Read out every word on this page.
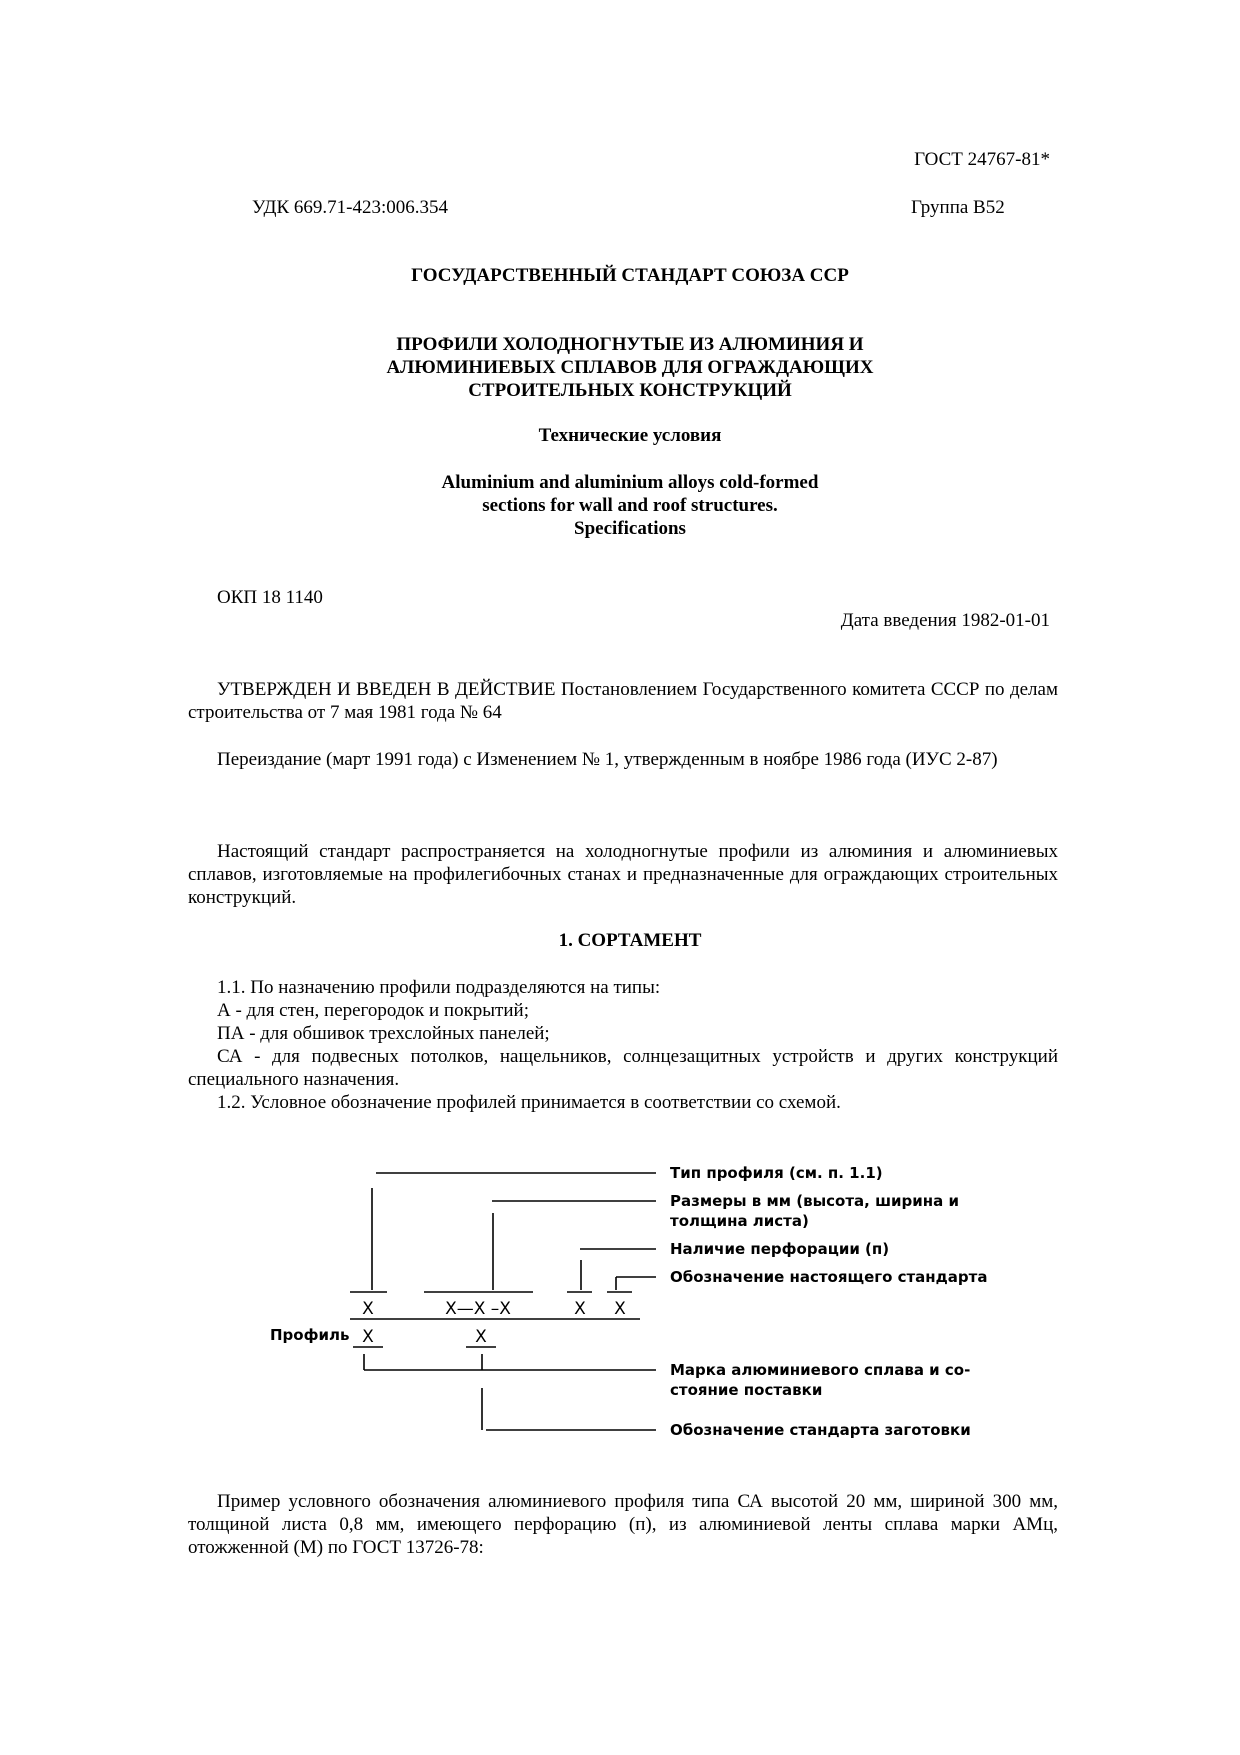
ГОСТ 24767-81*

УДК 669.71-423:006.354	Группа В52

ГОСУДАРСТВЕННЫЙ СТАНДАРТ СОЮЗА ССР

ПРОФИЛИ ХОЛОДНОГНУТЫЕ ИЗ АЛЮМИНИЯ И
АЛЮМИНИЕВЫХ СПЛАВОВ ДЛЯ ОГРАЖДАЮЩИХ
СТРОИТЕЛЬНЫХ КОНСТРУКЦИЙ

Технические условия

Aluminium and aluminium alloys cold-formed
sections for wall and roof structures.
Specifications

ОКП 18 1140

Дата введения 1982-01-01

УТВЕРЖДЕН И ВВЕДЕН В ДЕЙСТВИЕ Постановлением Государственного комитета СССР по делам строительства от 7 мая 1981 года № 64

Переиздание (март 1991 года) с Изменением № 1, утвержденным в ноябре 1986 года (ИУС 2-87)

Настоящий стандарт распространяется на холодногнутые профили из алюминия и алюминиевых сплавов, изготовляемые на профилегибочных станах и предназначенные для ограждающих строительных конструкций.

1. СОРТАМЕНТ

1.1. По назначению профили подразделяются на типы:

А - для стен, перегородок и покрытий;

ПА - для обшивок трехслойных панелей;

СА - для подвесных потолков, нащельников, солнцезащитных устройств и других конструкций специального назначения.

1.2. Условное обозначение профилей принимается в соответствии со схемой.

X	X—X –X	X X
X	X
Профиль
Тип профиля (см. п. 1.1)
Размеры в мм (высота, ширина и
толщина листа)
Наличие перфорации (п)
Обозначение настоящего стандарта
Марка алюминиевого сплава и со-
стояние поставки
Обозначение стандарта заготовки

Пример условного обозначения алюминиевого профиля типа СА высотой 20 мм, шириной 300 мм, толщиной листа 0,8 мм, имеющего перфорацию (п), из алюминиевой ленты сплава марки АМц, отожженной (М) по ГОСТ 13726-78:
